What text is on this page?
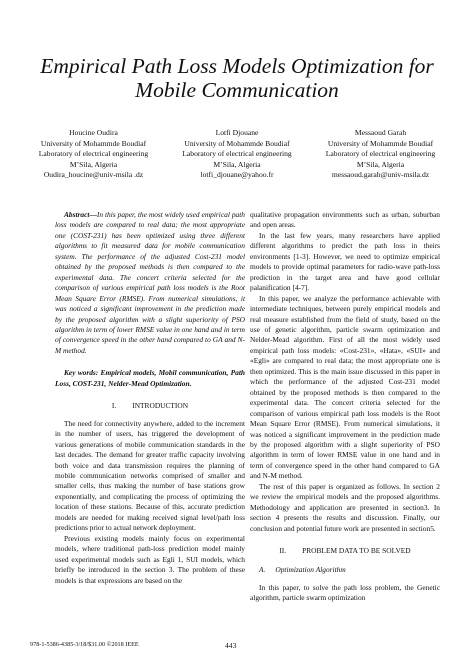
Empirical Path Loss Models Optimization for
Mobile Communication
Houcine Oudira
University of Mohammde Boudiaf
Laboratory of electrical engineering
M’Sila, Algeria
Oudira_houcine@univ-msila .dz
Lotfi Djouane
University of Mohammde Boudiaf
Laboratory of electrical engineering
M’Sila, Algeria
lotfi_djouane@yahoo.fr
Messaoud Garah
University of Mohammde Boudiaf
Laboratory of electrical engineering
M’Sila, Algeria
messaoud.garah@univ-msila.dz

Abstract—In this paper, the most widely used empirical path loss models are compared to real data; the most appropriate one (COST-231) has been optimized using three different algorithms to fit measured data for mobile communication system. The performance of the adjusted Cost-231 model obtained by the proposed methods is then compared to the experimental data. The concert criteria selected for the comparison of various empirical path loss models is the Root Mean Square Error (RMSE). From numerical simulations, it was noticed a significant improvement in the prediction made by the proposed algorithm with a slight superiority of PSO algorithm in term of lower RMSE value in one hand and in term of convergence speed in the other hand compared to GA and N-M method.

Key words: Empirical models, Mobil communication, Path Loss, COST-231, Nelder-Mead Optimization.

I. INTRODUCTION

The need for connectivity anywhere, added to the increment in the number of users, has triggered the development of various generations of mobile communication standards in the last decades. The demand for greater traffic capacity involving both voice and data transmission requires the planning of mobile communication networks comprised of smaller and smaller cells, thus making the number of base stations grow exponentially, and complicating the process of optimizing the location of these stations. Because of this, accurate prediction models are needed for making received signal level/path loss predictions prior to actual network deployment.

Previous existing models mainly focus on experimental models, where traditional path-loss prediction model mainly used experimental models such as Egli 1, SUI models, which briefly be introduced in the section 3. The problem of these models is that expressions are based on the

qualitative propagation environments such as urban, suburban and open areas.

In the last few years, many researchers have applied different algorithms to predict the path loss in theirs environments [1-3]. However, we need to optimize empirical models to provide optimal parameters for radio-wave path-loss prediction in the target area and have good cellular palanification [4-7].

In this paper, we analyze the performance achievable with intermediate techniques, between purely empirical models and real measure established from the field of study, based on the use of genetic algorithm, particle swarm optimization and Nelder-Mead algorithm. First of all the most widely used empirical path loss models: «Cost-231», «Hata», «SUI» and «Egli» are compared to real data; the most appropriate one is then optimized. This is the main issue discussed in this paper in which the performance of the adjusted Cost-231 model obtained by the proposed methods is then compared to the experimental data. The concert criteria selected for the comparison of various empirical path loss models is the Root Mean Square Error (RMSE). From numerical simulations, it was noticed a significant improvement in the prediction made by the proposed algorithm with a slight superiority of PSO algorithm in term of lower RMSE value in one hand and in term of convergence speed in the other hand compared to GA and N-M method.

The rest of this paper is organized as follows. In section 2 we review the empirical models and the proposed algorithms. Methodology and application are presented in section3. In section 4 presents the results and discussion. Finally, our conclusion and potential future work are presented in section5.

II. PROBLEM DATA TO BE SOLVED
A. Optimization Algorithm

In this paper, to solve the path loss problem, the Genetic algorithm, particle swarm optimization

978-1-5386-4385-3/18/$31.00 ©2018 IEEE	443
